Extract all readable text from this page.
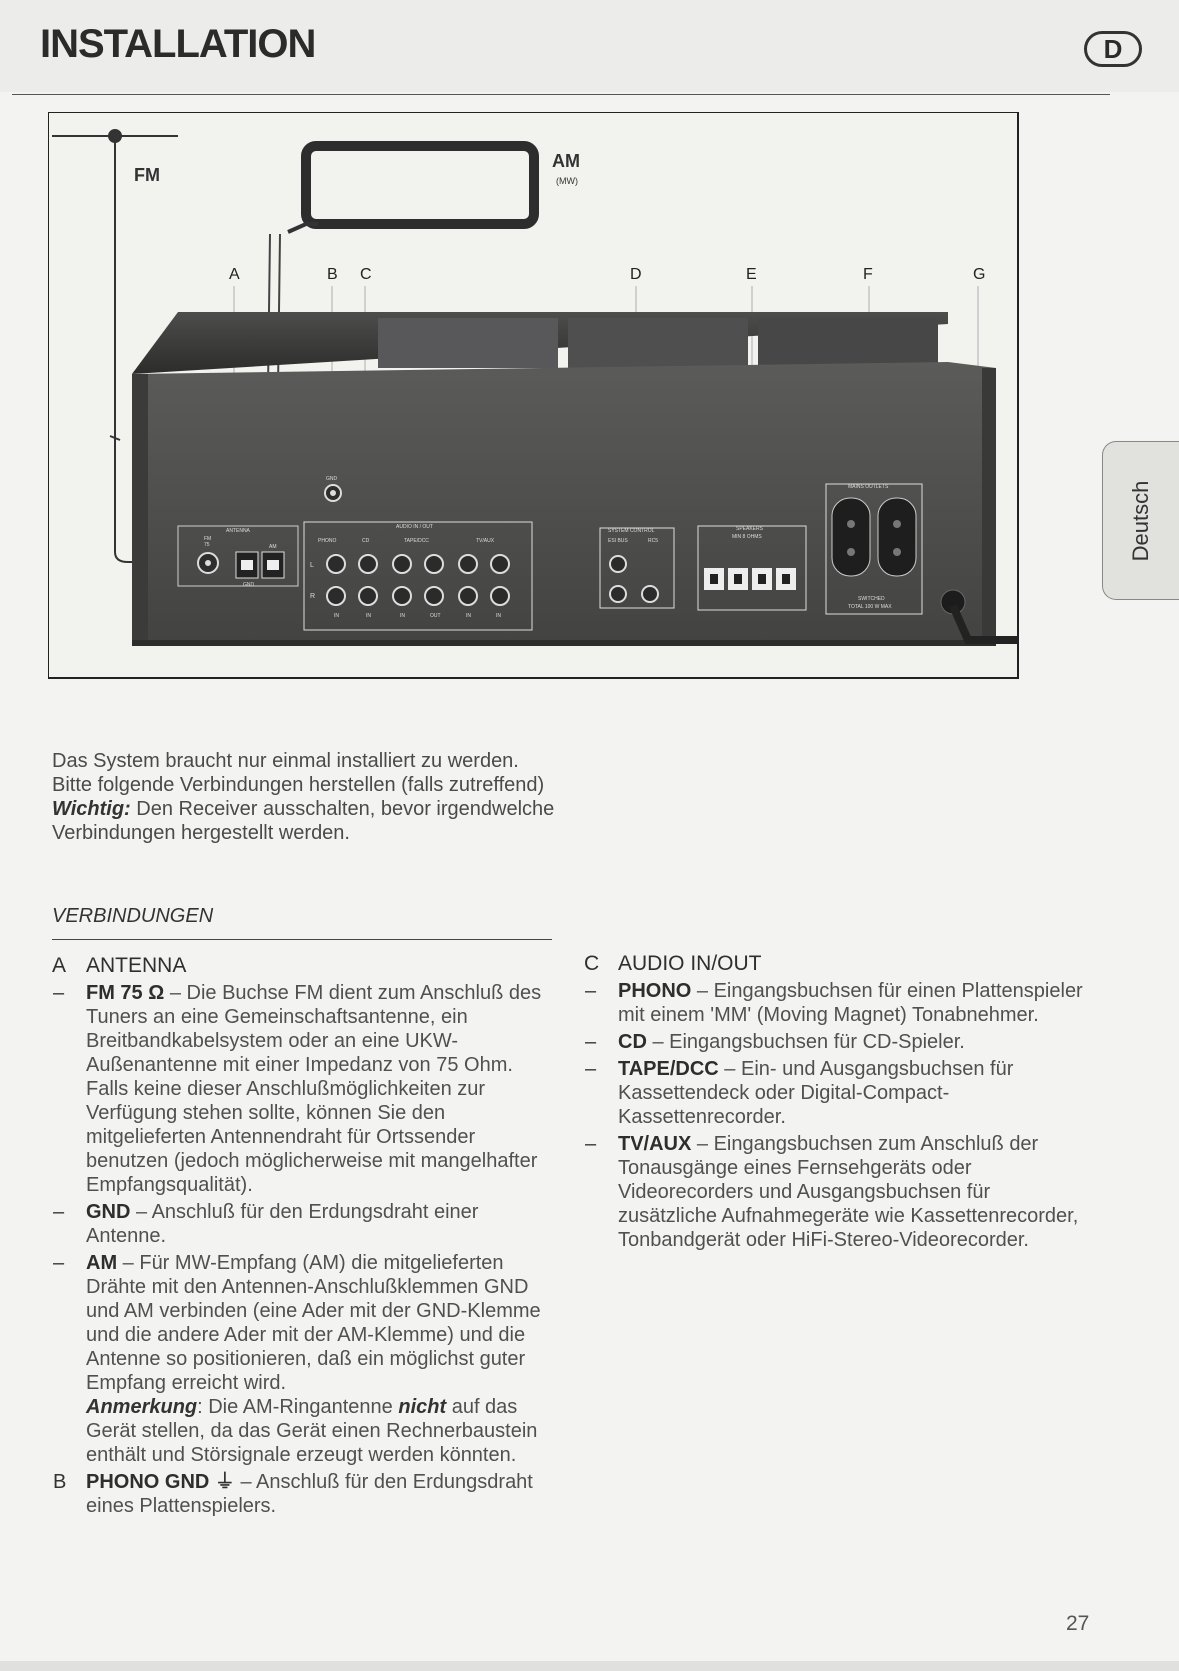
INSTALLATION	D
FM
AM
(MW)
A	B C	D	E	F	G
ANTENNA
FM
75
GND
AM
GND
AUDIO IN / OUT
PHONO	CD	TAPE/DCC	TV/AUX
L
R
IN	IN	IN	OUT	IN	IN
SYSTEM CONTROL
ESI BUS	RC5
SPEAKERS
MIN 8 OHMS
MAINS OUTLETS
SWITCHED
TOTAL 100 W MAX
Deutsch

Das System braucht nur einmal installiert zu werden.

Bitte folgende Verbindungen herstellen (falls zutreffend)

Wichtig: Den Receiver ausschalten, bevor irgendwelche Verbindungen hergestellt werden.

VERBINDUNGEN
A ANTENNA
– FM 75 Ω – Die Buchse FM dient zum Anschluß des Tuners an eine Gemeinschaftsantenne, ein Breitbandkabelsystem oder an eine UKW-Außenantenne mit einer Impedanz von 75 Ohm.

Falls keine dieser Anschlußmöglichkeiten zur Verfügung stehen sollte, können Sie den mitgelieferten Antennendraht für Ortssender benutzen (jedoch möglicherweise mit mangelhafter Empfangsqualität).

– GND – Anschluß für den Erdungsdraht einer Antenne.

– AM – Für MW-Empfang (AM) die mitgelieferten Drähte mit den Antennen-Anschlußklemmen GND und AM verbinden (eine Ader mit der GND-Klemme und die andere Ader mit der AM-Klemme) und die Antenne so positionieren, daß ein möglichst guter Empfang erreicht wird.

Anmerkung: Die AM-Ringantenne nicht auf das Gerät stellen, da das Gerät einen Rechnerbaustein enthält und Störsignale erzeugt werden könnten.

B PHONO GND ⏚ – Anschluß für den Erdungsdraht eines Plattenspielers.

C AUDIO IN/OUT
– PHONO – Eingangsbuchsen für einen Plattenspieler mit einem 'MM' (Moving Magnet) Tonabnehmer.

– CD – Eingangsbuchsen für CD-Spieler.

– TAPE/DCC – Ein- und Ausgangsbuchsen für Kassettendeck oder Digital-Compact-Kassettenrecorder.

– TV/AUX – Eingangsbuchsen zum Anschluß der Tonausgänge eines Fernsehgeräts oder Videorecorders und Ausgangsbuchsen für zusätzliche Aufnahmegeräte wie Kassettenrecorder, Tonbandgerät oder HiFi-Stereo-Videorecorder.

27
